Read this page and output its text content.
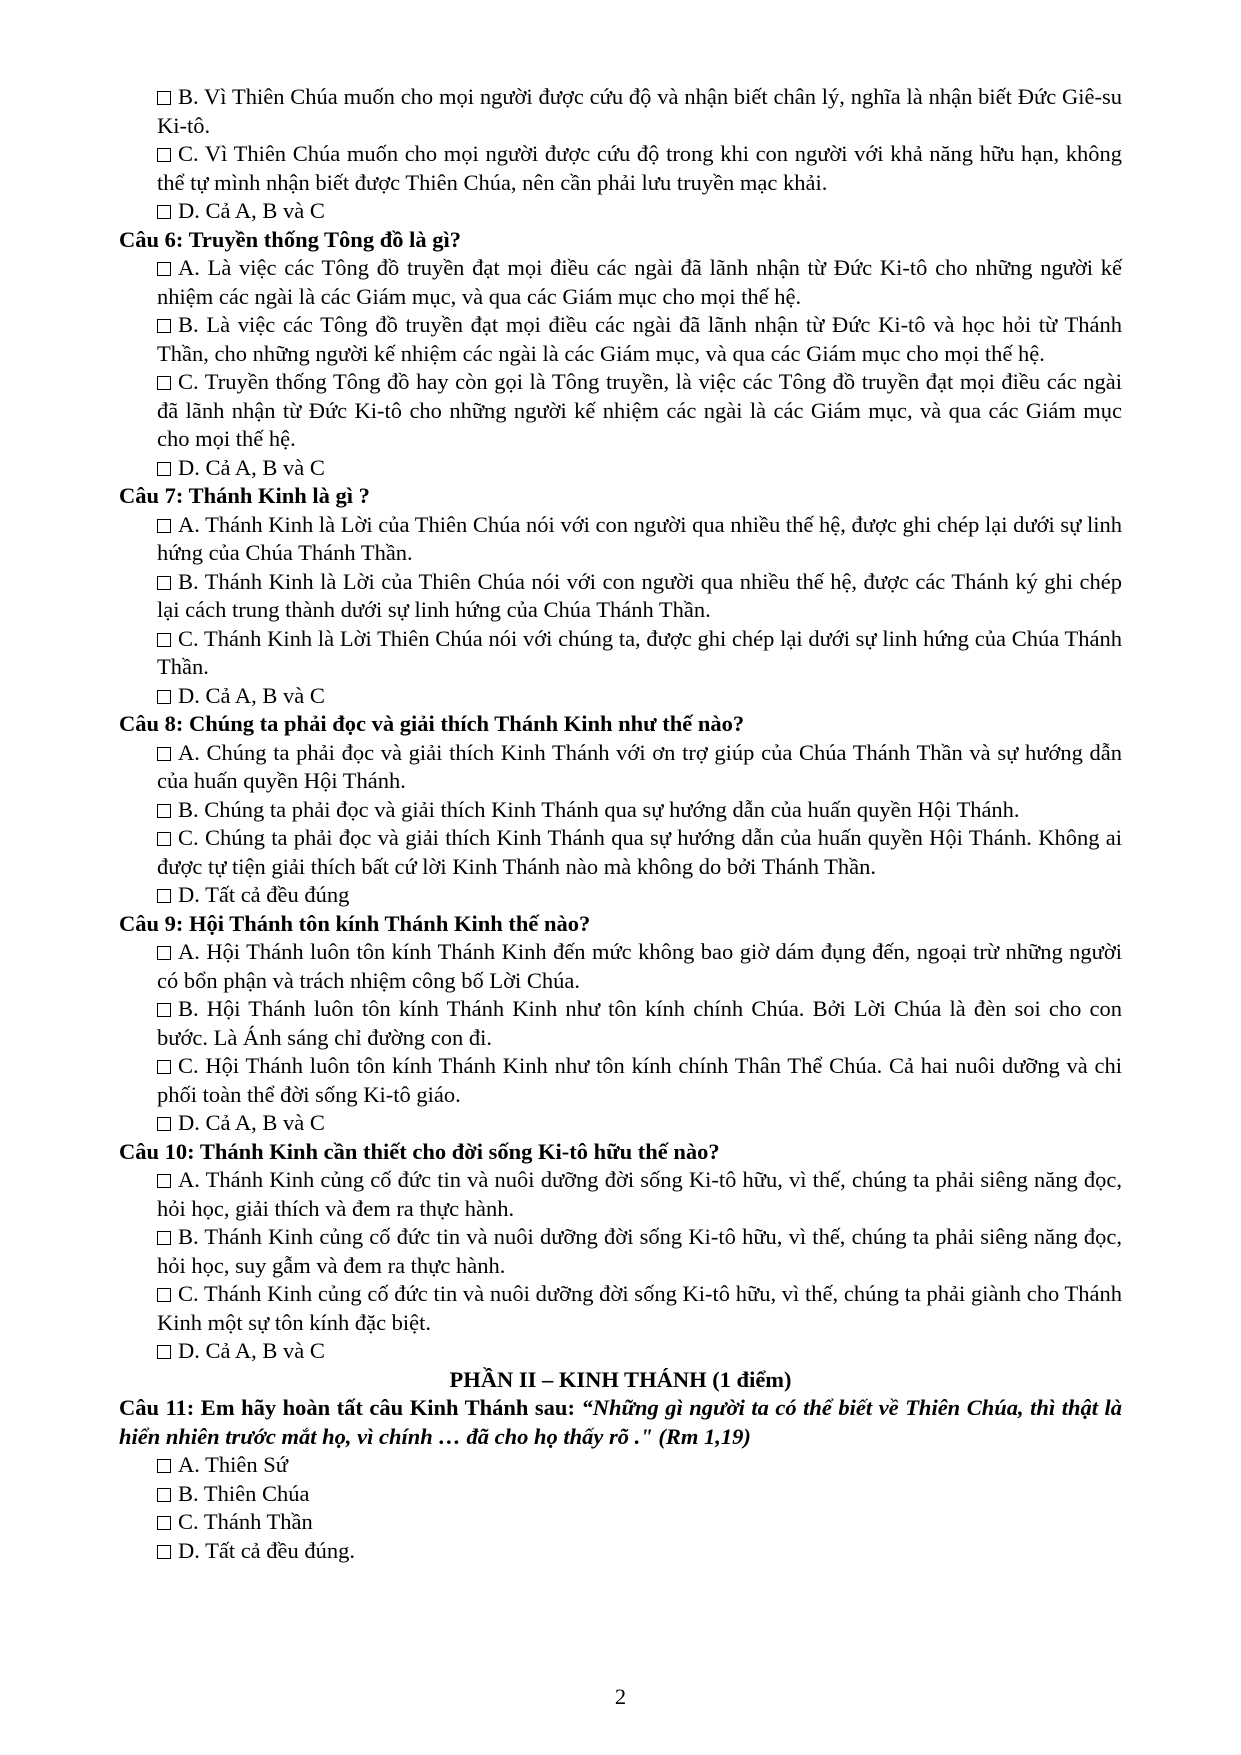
B. Vì Thiên Chúa muốn cho mọi người được cứu độ và nhận biết chân lý, nghĩa là nhận biết Đức Giê-su Ki-tô.
C. Vì Thiên Chúa muốn cho mọi người được cứu độ trong khi con người với khả năng hữu hạn, không thể tự mình nhận biết được Thiên Chúa, nên cần phải lưu truyền mạc khải.
D. Cả A, B và C
Câu 6: Truyền thống Tông đồ là gì?
A. Là việc các Tông đồ truyền đạt mọi điều các ngài đã lãnh nhận từ Đức Ki-tô cho những người kế nhiệm các ngài là các Giám mục, và qua các Giám mục cho mọi thế hệ.
B. Là việc các Tông đồ truyền đạt mọi điều các ngài đã lãnh nhận từ Đức Ki-tô và học hỏi từ Thánh Thần, cho những người kế nhiệm các ngài là các Giám mục, và qua các Giám mục cho mọi thế hệ.
C. Truyền thống Tông đồ hay còn gọi là Tông truyền, là việc các Tông đồ truyền đạt mọi điều các ngài đã lãnh nhận từ Đức Ki-tô cho những người kế nhiệm các ngài là các Giám mục, và qua các Giám mục cho mọi thế hệ.
D. Cả A, B và C
Câu 7: Thánh Kinh là gì ?
A. Thánh Kinh là Lời của Thiên Chúa nói với con người qua nhiều thế hệ, được ghi chép lại dưới sự linh hứng của Chúa Thánh Thần.
B. Thánh Kinh là Lời của Thiên Chúa nói với con người qua nhiều thế hệ, được các Thánh ký ghi chép lại cách trung thành dưới sự linh hứng của Chúa Thánh Thần.
C. Thánh Kinh là Lời Thiên Chúa nói với chúng ta, được ghi chép lại dưới sự linh hứng của Chúa Thánh Thần.
D. Cả A, B và C
Câu 8: Chúng ta phải đọc và giải thích Thánh Kinh như thế nào?
A. Chúng ta phải đọc và giải thích Kinh Thánh với ơn trợ giúp của Chúa Thánh Thần và sự hướng dẫn của huấn quyền Hội Thánh.
B. Chúng ta phải đọc và giải thích Kinh Thánh qua sự hướng dẫn của huấn quyền Hội Thánh.
C. Chúng ta phải đọc và giải thích Kinh Thánh qua sự hướng dẫn của huấn quyền Hội Thánh. Không ai được tự tiện giải thích bất cứ lời Kinh Thánh nào mà không do bởi Thánh Thần.
D. Tất cả đều đúng
Câu 9: Hội Thánh tôn kính Thánh Kinh thế nào?
A. Hội Thánh luôn tôn kính Thánh Kinh đến mức không bao giờ dám đụng đến, ngoại trừ những người có bổn phận và trách nhiệm công bố Lời Chúa.
B. Hội Thánh luôn tôn kính Thánh Kinh như tôn kính chính Chúa. Bởi Lời Chúa là đèn soi cho con bước. Là Ánh sáng chỉ đường con đi.
C. Hội Thánh luôn tôn kính Thánh Kinh như tôn kính chính Thân Thể Chúa. Cả hai nuôi dưỡng và chi phối toàn thể đời sống Ki-tô giáo.
D. Cả A, B và C
Câu 10: Thánh Kinh cần thiết cho đời sống Ki-tô hữu thế nào?
A. Thánh Kinh củng cố đức tin và nuôi dưỡng đời sống Ki-tô hữu, vì thế, chúng ta phải siêng năng đọc, hỏi học, giải thích và đem ra thực hành.
B. Thánh Kinh củng cố đức tin và nuôi dưỡng đời sống Ki-tô hữu, vì thế, chúng ta phải siêng năng đọc, hỏi học, suy gẫm và đem ra thực hành.
C. Thánh Kinh củng cố đức tin và nuôi dưỡng đời sống Ki-tô hữu, vì thế, chúng ta phải giành cho Thánh Kinh một sự tôn kính đặc biệt.
D. Cả A, B và C
PHẦN II – KINH THÁNH (1 điểm)
Câu 11: Em hãy hoàn tất câu Kinh Thánh sau: “Những gì người ta có thể biết về Thiên Chúa, thì thật là hiển nhiên trước mắt họ, vì chính … đã cho họ thấy rõ ." (Rm 1,19)
A. Thiên Sứ
B. Thiên Chúa
C. Thánh Thần
D. Tất cả đều đúng.
2
